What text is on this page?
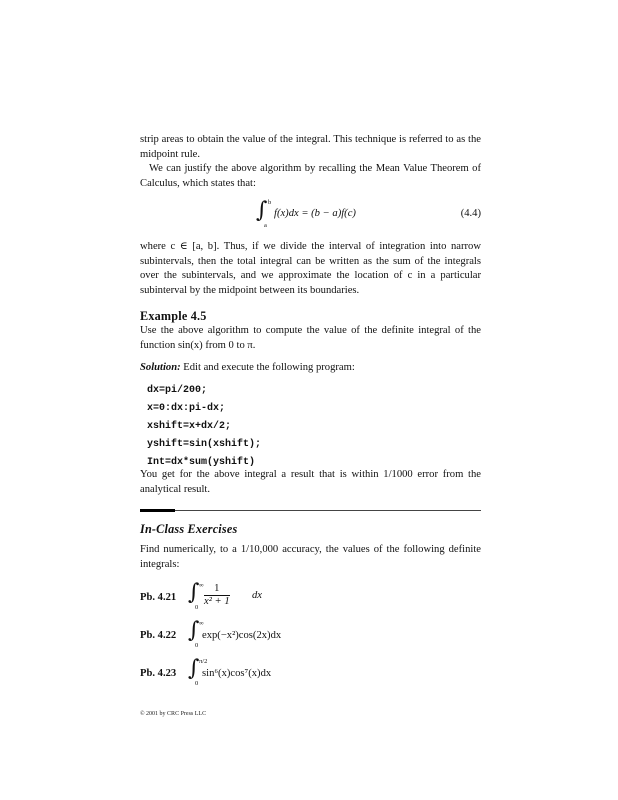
strip areas to obtain the value of the integral. This technique is referred to as the midpoint rule.

We can justify the above algorithm by recalling the Mean Value Theorem of Calculus, which states that:

∫ b
a
f(x)dx = (b − a)f(c)	(4.4)

where c ∈ [a, b]. Thus, if we divide the interval of integration into narrow subintervals, then the total integral can be written as the sum of the integrals over the subintervals, and we approximate the location of c in a particular subinterval by the midpoint between its boundaries.

Example 4.5

Use the above algorithm to compute the value of the definite integral of the function sin(x) from 0 to π.

Solution: Edit and execute the following program:
dx=pi/200;
x=0:dx:pi-dx;
xshift=x+dx/2;
yshift=sin(xshift);
Int=dx*sum(yshift)

You get for the above integral a result that is within 1/1000 error from the analytical result.

In-Class Exercises

Find numerically, to a 1/10,000 accuracy, the values of the following definite integrals:

Pb. 4.21 ∫ ∞
$0 \frac{1}{\text{x² + 1}}$ dx
Pb. 4.22 ∫ ∞
0
exp(−x²)cos(2x)dx
Pb. 4.23 ∫ π/2
0
sin⁶(x)cos⁷(x)dx
© 2001 by CRC Press LLC
